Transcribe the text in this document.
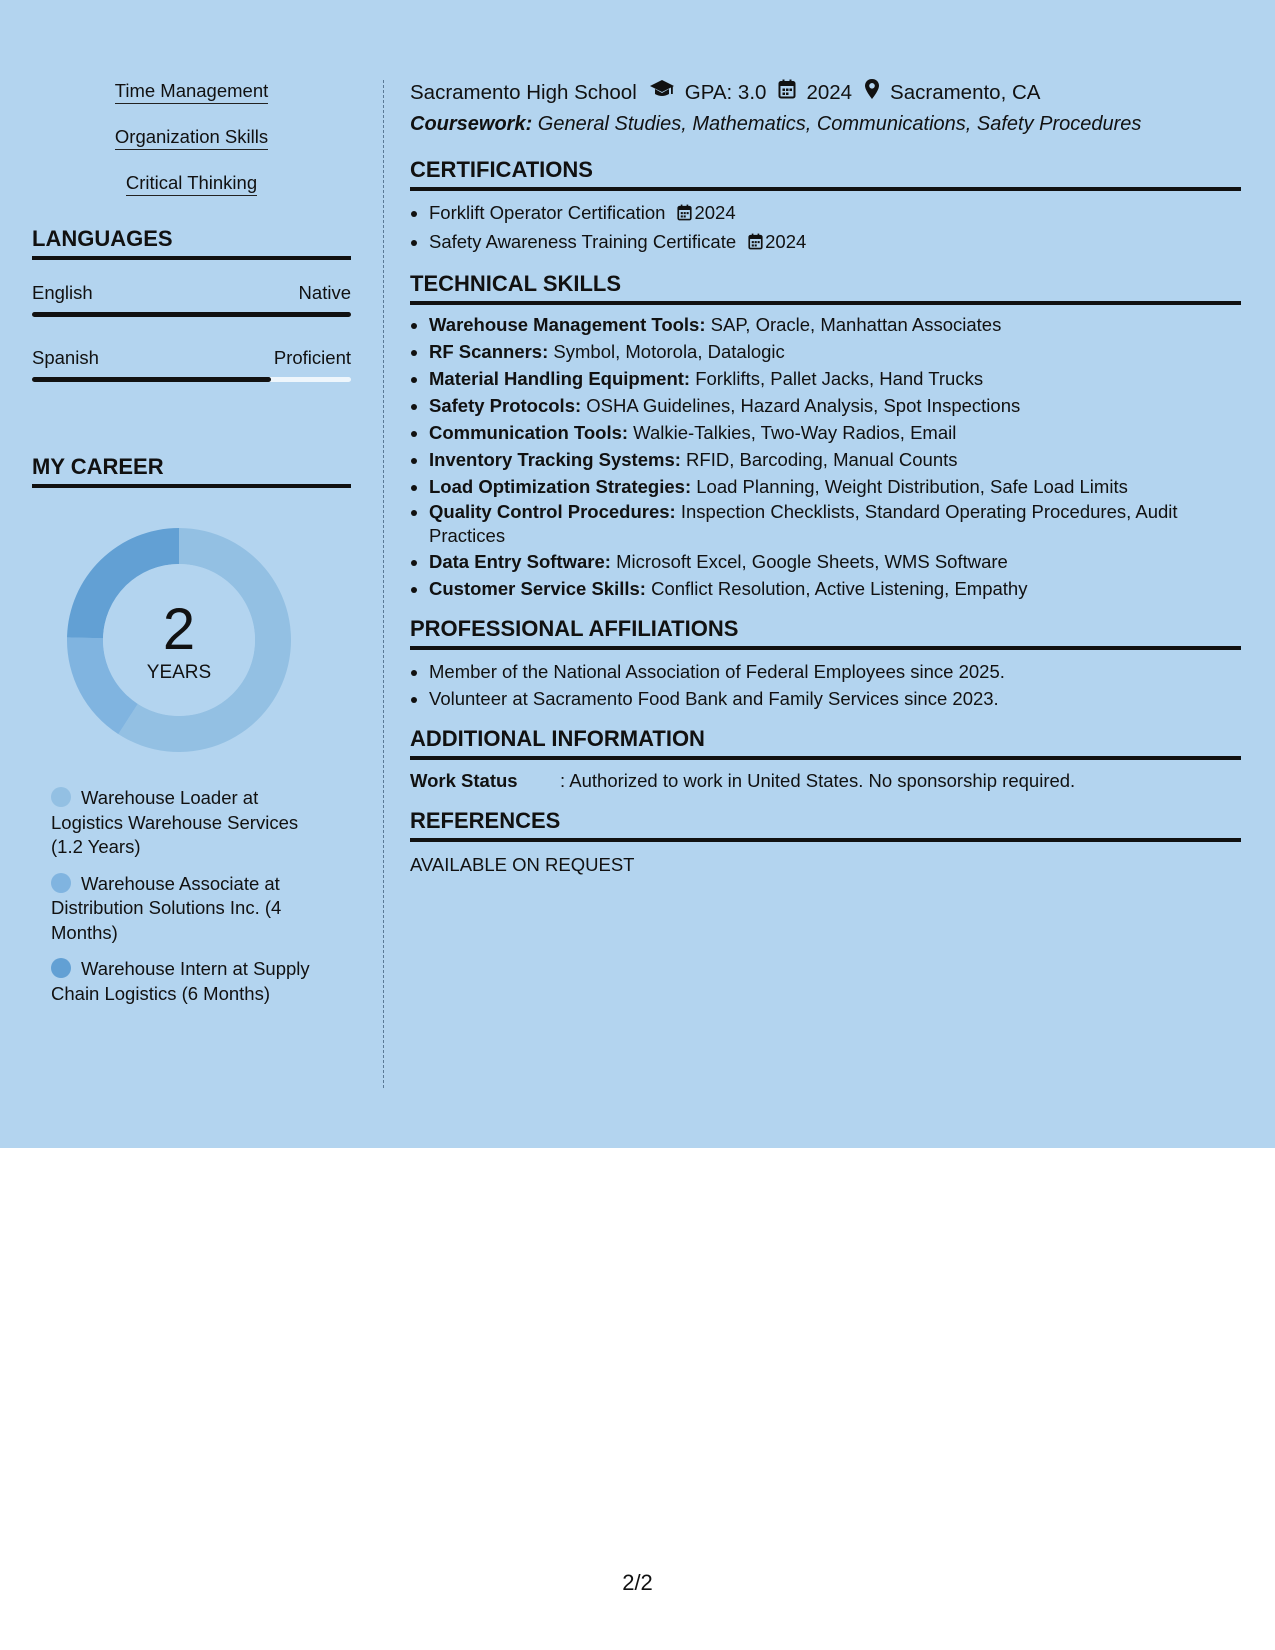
Time Management
Organization Skills
Critical Thinking
LANGUAGES
English	Native
Spanish	Proficient
MY CAREER
2
YEARS
Warehouse Loader at Logistics Warehouse Services (1.2 Years)
Warehouse Associate at Distribution Solutions Inc. (4 Months)
Warehouse Intern at Supply Chain Logistics (6 Months)
Sacramento High School GPA: 3.0 2024 Sacramento, CA
Coursework: General Studies, Mathematics, Communications, Safety Procedures
CERTIFICATIONS
• Forklift Operator Certification 2024
• Safety Awareness Training Certificate 2024
TECHNICAL SKILLS
• Warehouse Management Tools: SAP, Oracle, Manhattan Associates
• RF Scanners: Symbol, Motorola, Datalogic
• Material Handling Equipment: Forklifts, Pallet Jacks, Hand Trucks
• Safety Protocols: OSHA Guidelines, Hazard Analysis, Spot Inspections
• Communication Tools: Walkie-Talkies, Two-Way Radios, Email
• Inventory Tracking Systems: RFID, Barcoding, Manual Counts
• Load Optimization Strategies: Load Planning, Weight Distribution, Safe Load Limits
• Quality Control Procedures: Inspection Checklists, Standard Operating Procedures, Audit Practices
• Data Entry Software: Microsoft Excel, Google Sheets, WMS Software
• Customer Service Skills: Conflict Resolution, Active Listening, Empathy
PROFESSIONAL AFFILIATIONS
• Member of the National Association of Federal Employees since 2025.
• Volunteer at Sacramento Food Bank and Family Services since 2023.
ADDITIONAL INFORMATION
Work Status	: Authorized to work in United States. No sponsorship required.
REFERENCES
AVAILABLE ON REQUEST
2/2
